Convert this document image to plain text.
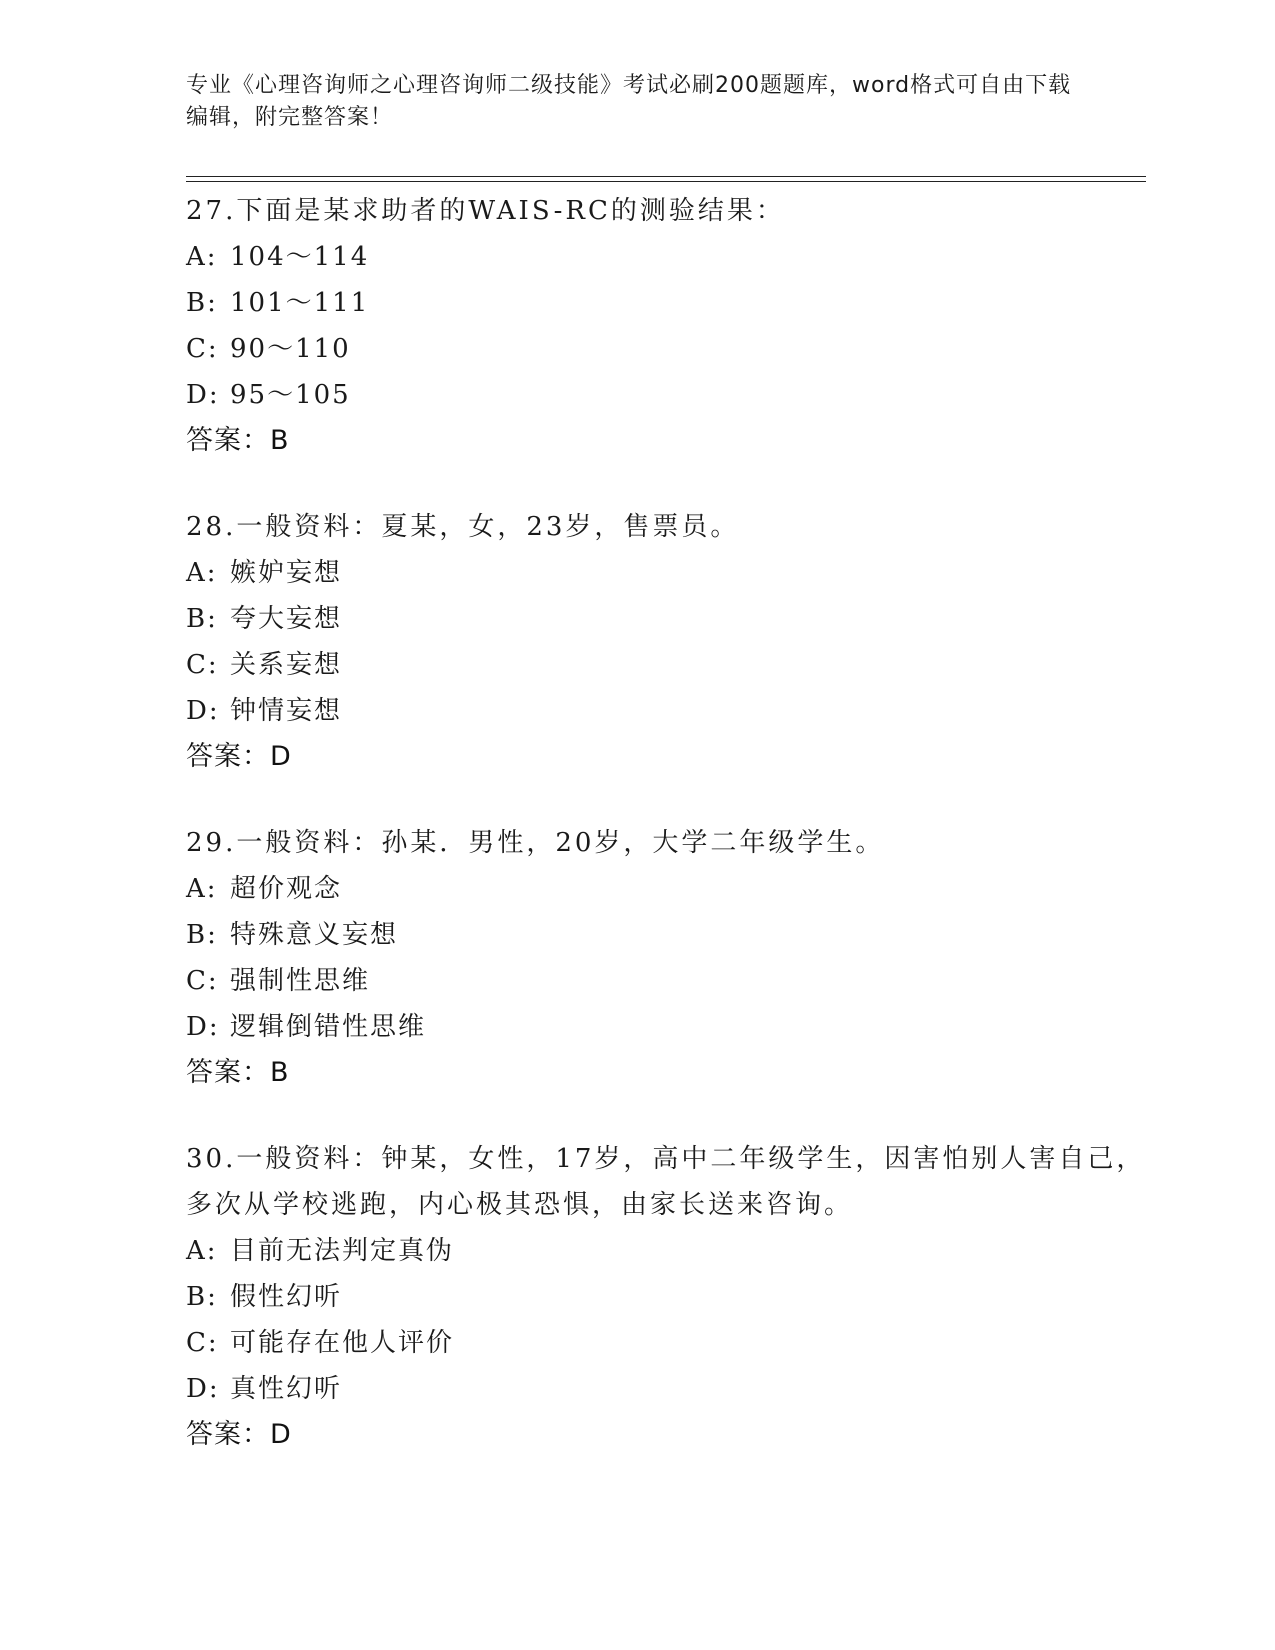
专业《心理咨询师之心理咨询师二级技能》考试必刷200题题库，word格式可自由下载编辑，附完整答案！
27.下面是某求助者的WAIS-RC的测验结果：
A: 104～114
B: 101～111
C: 90～110
D: 95～105
答案：B
28.一般资料：夏某，女，23岁，售票员。
A: 嫉妒妄想
B: 夸大妄想
C: 关系妄想
D: 钟情妄想
答案：D
29.一般资料：孙某．男性，20岁，大学二年级学生。
A: 超价观念
B: 特殊意义妄想
C: 强制性思维
D: 逻辑倒错性思维
答案：B
30.一般资料：钟某，女性，17岁，高中二年级学生，因害怕别人害自己，多次从学校逃跑，内心极其恐惧，由家长送来咨询。
A: 目前无法判定真伪
B: 假性幻听
C: 可能存在他人评价
D: 真性幻听
答案：D
